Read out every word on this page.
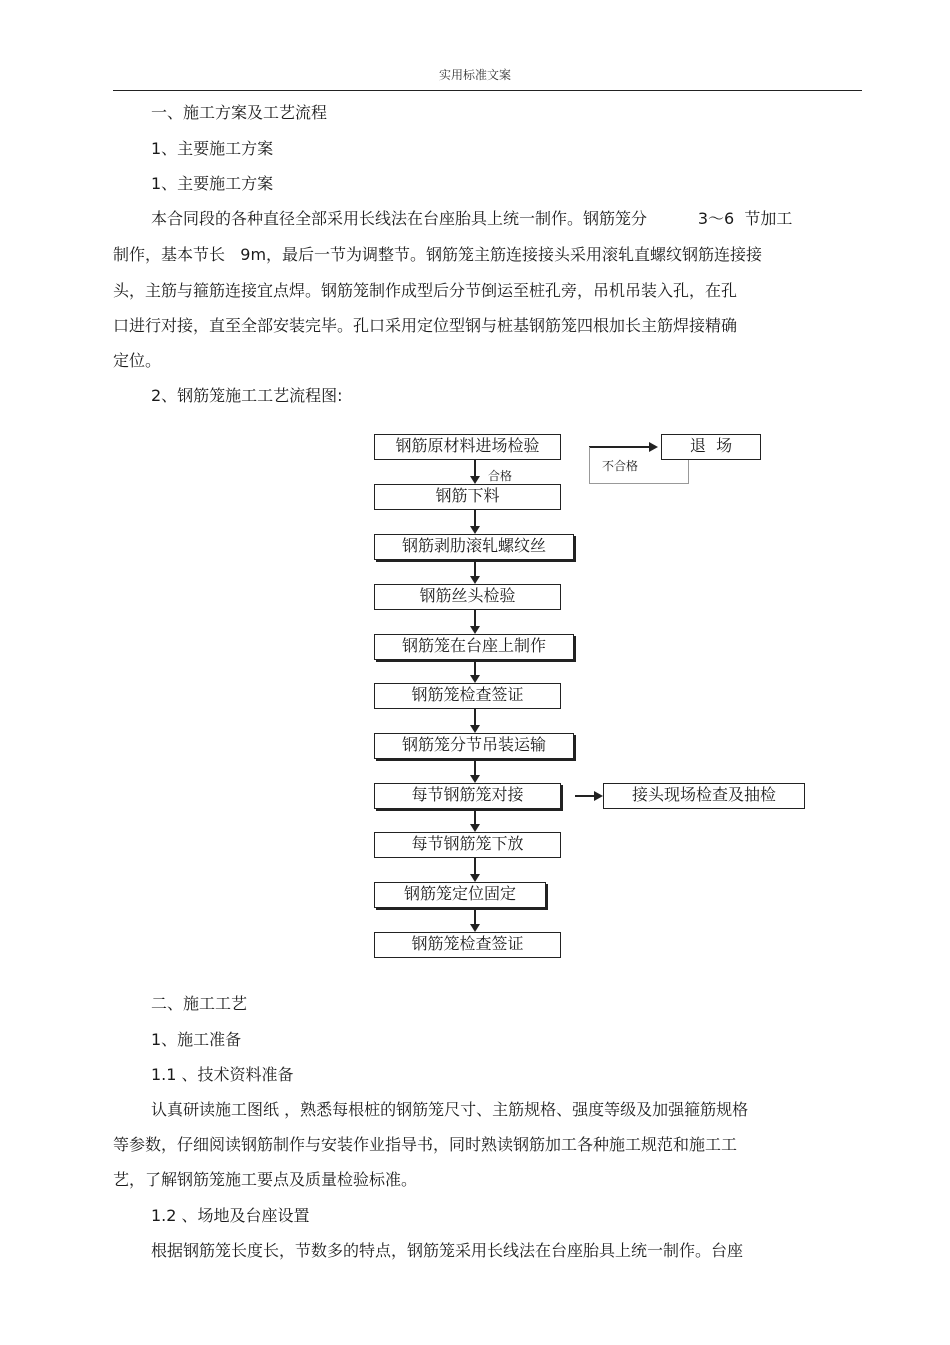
实用标准文案
一、施工方案及工艺流程
1、主要施工方案
1、主要施工方案
本合同段的各种直径全部采用长线法在台座胎具上统一制作。钢筋笼分          3～6  节加工
制作，基本节长   9m，最后一节为调整节。钢筋笼主筋连接接头采用滚轧直螺纹钢筋连接接
头，主筋与箍筋连接宜点焊。钢筋笼制作成型后分节倒运至桩孔旁，吊机吊装入孔，在孔
口进行对接，直至全部安装完毕。孔口采用定位型钢与桩基钢筋笼四根加长主筋焊接精确
定位。
2、钢筋笼施工工艺流程图:
钢筋原材料进场检验
钢筋下料
钢筋剥肋滚轧螺纹丝
钢筋丝头检验
钢筋笼在台座上制作
钢筋笼检查签证
钢筋笼分节吊装运输
每节钢筋笼对接
每节钢筋笼下放
钢筋笼定位固定
钢筋笼检查签证
合格
不合格
退  场
接头现场检查及抽检
二、施工工艺
1、施工准备
1.1 、技术资料准备
认真研读施工图纸 ，熟悉每根桩的钢筋笼尺寸、主筋规格、强度等级及加强箍筋规格
等参数，仔细阅读钢筋制作与安装作业指导书，同时熟读钢筋加工各种施工规范和施工工
艺，了解钢筋笼施工要点及质量检验标准。
1.2 、场地及台座设置
根据钢筋笼长度长，节数多的特点，钢筋笼采用长线法在台座胎具上统一制作。台座
